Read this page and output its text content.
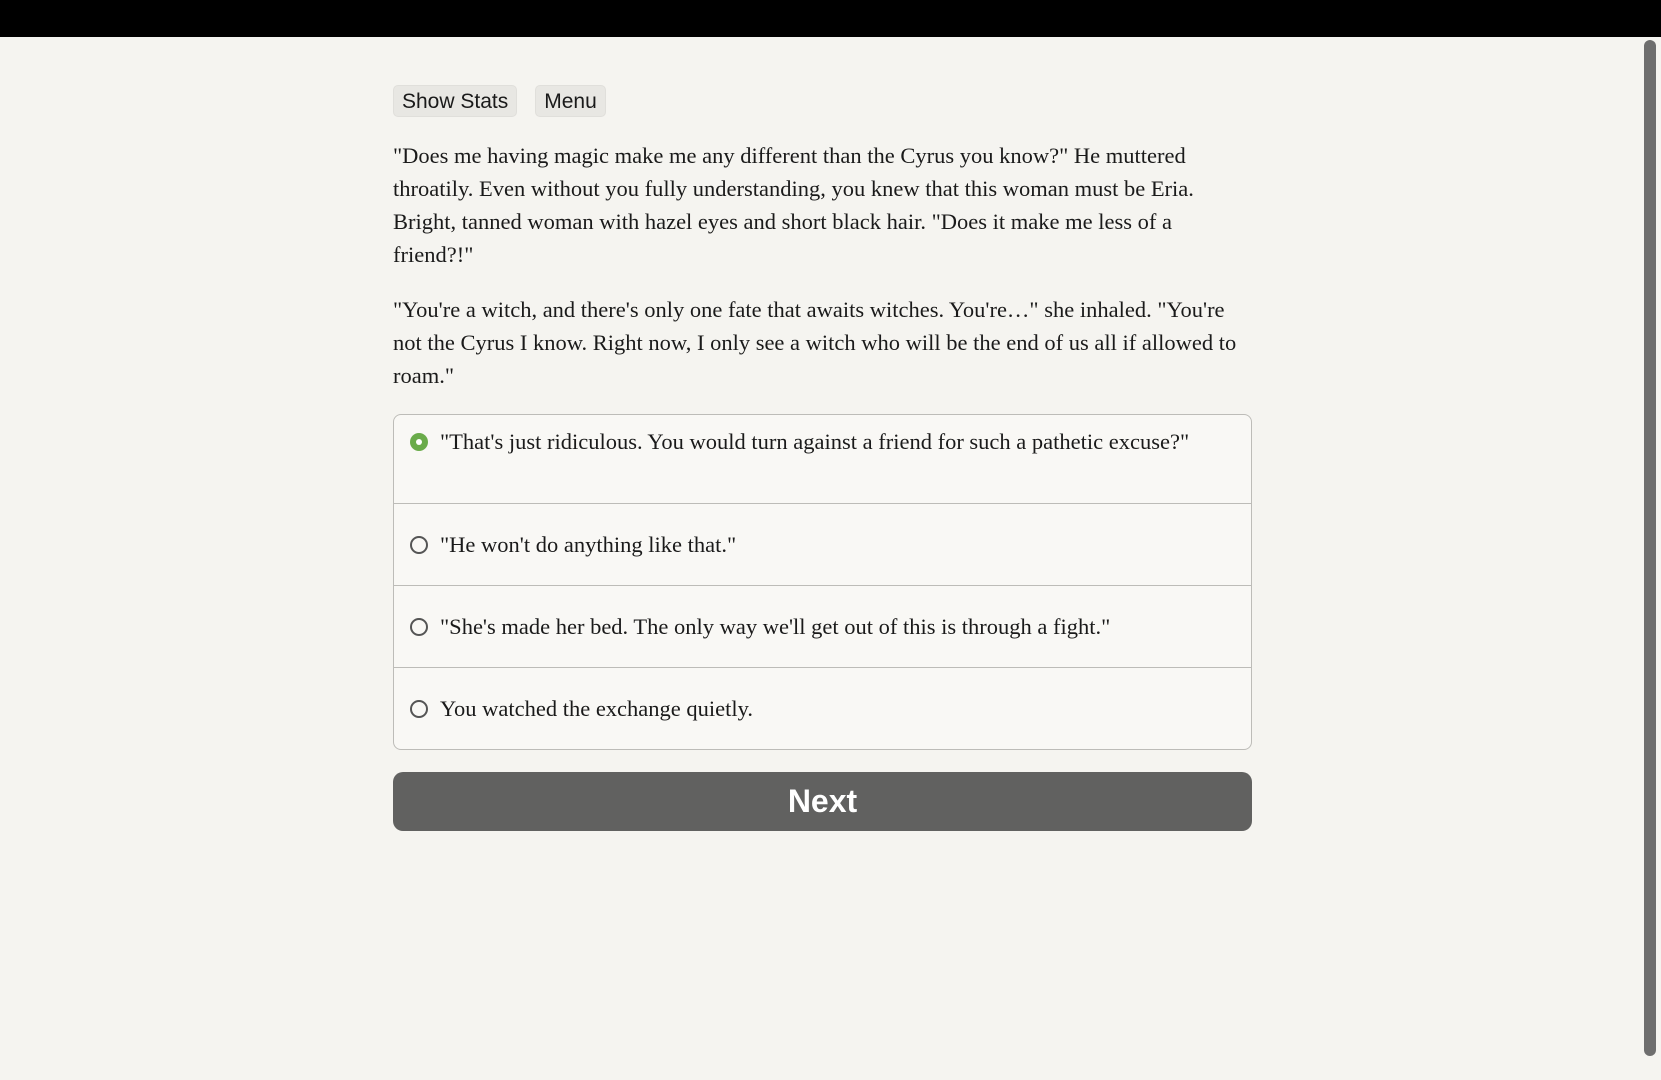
Show Stats	Menu

"Does me having magic make me any different than the Cyrus you know?" He muttered throatily. Even without you fully understanding, you knew that this woman must be Eria. Bright, tanned woman with hazel eyes and short black hair. "Does it make me less of a friend?!"

"You're a witch, and there's only one fate that awaits witches. You're…" she inhaled. "You're not the Cyrus I know. Right now, I only see a witch who will be the end of us all if allowed to roam."

"That's just ridiculous. You would turn against a friend for such a pathetic excuse?"
"He won't do anything like that."
"She's made her bed. The only way we'll get out of this is through a fight."
You watched the exchange quietly.
Next
